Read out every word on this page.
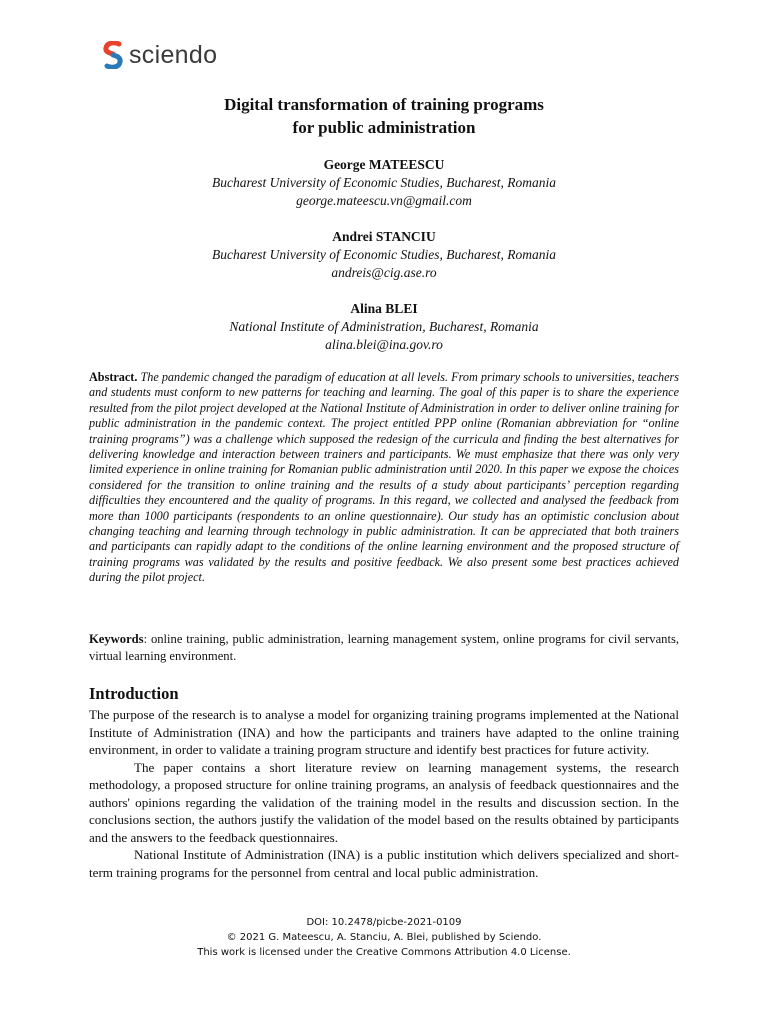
sciendo
Digital transformation of training programs
for public administration
George MATEESCU
Bucharest University of Economic Studies, Bucharest, Romania
george.mateescu.vn@gmail.com
Andrei STANCIU
Bucharest University of Economic Studies, Bucharest, Romania
andreis@cig.ase.ro
Alina BLEI
National Institute of Administration, Bucharest, Romania
alina.blei@ina.gov.ro
Abstract. The pandemic changed the paradigm of education at all levels. From primary schools to universities, teachers and students must conform to new patterns for teaching and learning. The goal of this paper is to share the experience resulted from the pilot project developed at the National Institute of Administration in order to deliver online training for public administration in the pandemic context. The project entitled PPP online (Romanian abbreviation for “online training programs”) was a challenge which supposed the redesign of the curricula and finding the best alternatives for delivering knowledge and interaction between trainers and participants. We must emphasize that there was only very limited experience in online training for Romanian public administration until 2020. In this paper we expose the choices considered for the transition to online training and the results of a study about participants’ perception regarding difficulties they encountered and the quality of programs. In this regard, we collected and analysed the feedback from more than 1000 participants (respondents to an online questionnaire). Our study has an optimistic conclusion about changing teaching and learning through technology in public administration. It can be appreciated that both trainers and participants can rapidly adapt to the conditions of the online learning environment and the proposed structure of training programs was validated by the results and positive feedback. We also present some best practices achieved during the pilot project.
Keywords: online training, public administration, learning management system, online programs for civil servants, virtual learning environment.
Introduction

The purpose of the research is to analyse a model for organizing training programs implemented at the National Institute of Administration (INA) and how the participants and trainers have adapted to the online training environment, in order to validate a training program structure and identify best practices for future activity.

The paper contains a short literature review on learning management systems, the research methodology, a proposed structure for online training programs, an analysis of feedback questionnaires and the authors' opinions regarding the validation of the training model in the results and discussion section. In the conclusions section, the authors justify the validation of the model based on the results obtained by participants and the answers to the feedback questionnaires.

National Institute of Administration (INA) is a public institution which delivers specialized and short-term training programs for the personnel from central and local public administration.

DOI: 10.2478/picbe-2021-0109
© 2021 G. Mateescu, A. Stanciu, A. Blei, published by Sciendo.
This work is licensed under the Creative Commons Attribution 4.0 License.
